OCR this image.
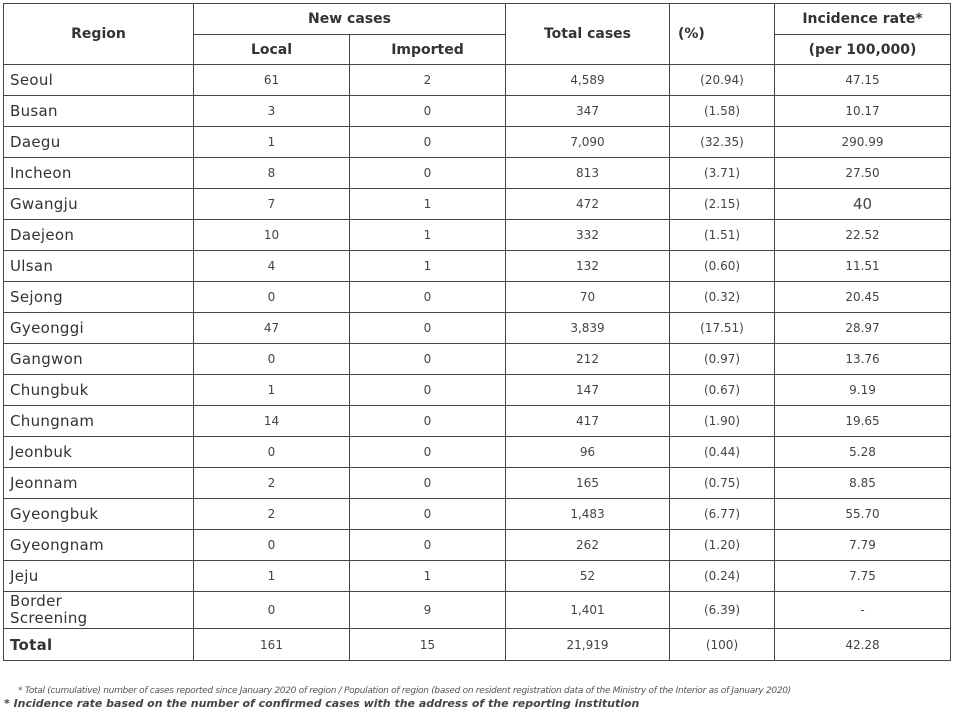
Region	New cases		Total cases	(%)	Incidence rate*
	Local	Imported			(per 100,000)
Seoul	61	2	4,589	(20.94)	47.15
Busan	3	0	347	(1.58)	10.17
Daegu	1	0	7,090	(32.35)	290.99
Incheon	8	0	813	(3.71)	27.50
Gwangju	7	1	472	(2.15)	40
Daejeon	10	1	332	(1.51)	22.52
Ulsan	4	1	132	(0.60)	11.51
Sejong	0	0	70	(0.32)	20.45
Gyeonggi	47	0	3,839	(17.51)	28.97
Gangwon	0	0	212	(0.97)	13.76
Chungbuk	1	0	147	(0.67)	9.19
Chungnam	14	0	417	(1.90)	19.65
Jeonbuk	0	0	96	(0.44)	5.28
Jeonnam	2	0	165	(0.75)	8.85
Gyeongbuk	2	0	1,483	(6.77)	55.70
Gyeongnam	0	0	262	(1.20)	7.79
Jeju	1	1	52	(0.24)	7.75

Border
Screening	0	9	1,401	(6.39)	-
Total	161	15	21,919	(100)	42.28
* Total (cumulative) number of cases reported since January 2020 of region / Population of region (based on resident registration data of the Ministry of the Interior as of January 2020)
* Incidence rate based on the number of confirmed cases with the address of the reporting institution
